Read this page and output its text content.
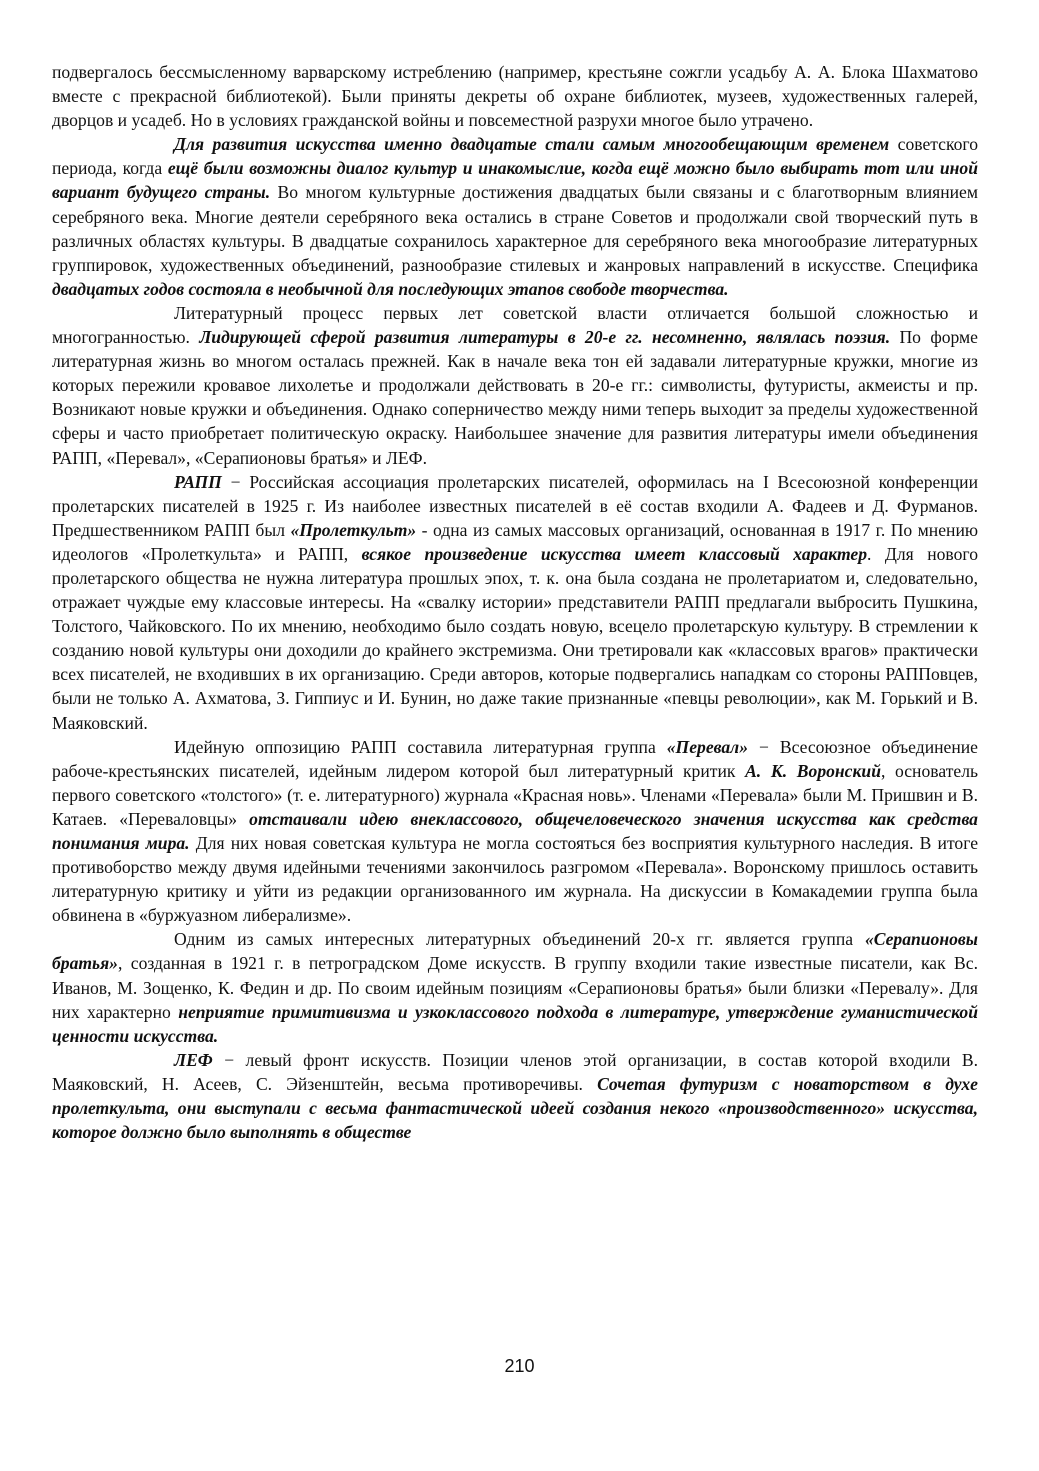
подвергалось бессмысленному варварскому истреблению (например, крестьяне сожгли усадьбу А. А. Блока Шахматово вместе с прекрасной библиотекой). Были приняты декреты об охране библиотек, музеев, художественных галерей, дворцов и усадеб. Но в условиях гражданской войны и повсеместной разрухи многое было утрачено.

Для развития искусства именно двадцатые стали самым многообещающим временем советского периода, когда ещё были возможны диалог культур и инакомыслие, когда ещё можно было выбирать тот или иной вариант будущего страны. Во многом культурные достижения двадцатых были связаны и с благотворным влиянием серебряного века. Многие деятели серебряного века остались в стране Советов и продолжали свой творческий путь в различных областях культуры. В двадцатые сохранилось характерное для серебряного века многообразие литературных группировок, художественных объединений, разнообразие стилевых и жанровых направлений в искусстве. Специфика двадцатых годов состояла в необычной для последующих этапов свободе творчества.

Литературный процесс первых лет советской власти отличается большой сложностью и многогранностью. Лидирующей сферой развития литературы в 20-е гг. несомненно, являлась поэзия. По форме литературная жизнь во многом осталась прежней. Как в начале века тон ей задавали литературные кружки, многие из которых пережили кровавое лихолетье и продолжали действовать в 20-е гг.: символисты, футуристы, акмеисты и пр. Возникают новые кружки и объединения. Однако соперничество между ними теперь выходит за пределы художественной сферы и часто приобретает политическую окраску. Наибольшее значение для развития литературы имели объединения РАПП, «Перевал», «Серапионовы братья» и ЛЕФ.

РАПП − Российская ассоциация пролетарских писателей, оформилась на I Всесоюзной конференции пролетарских писателей в 1925 г. Из наиболее известных писателей в её состав входили А. Фадеев и Д. Фурманов. Предшественником РАПП был «Пролеткульт» - одна из самых массовых организаций, основанная в 1917 г. По мнению идеологов «Пролеткульта» и РАПП, всякое произведение искусства имеет классовый характер. Для нового пролетарского общества не нужна литература прошлых эпох, т. к. она была создана не пролетариатом и, следовательно, отражает чуждые ему классовые интересы. На «свалку истории» представители РАПП предлагали выбросить Пушкина, Толстого, Чайковского. По их мнению, необходимо было создать новую, всецело пролетарскую культуру. В стремлении к созданию новой культуры они доходили до крайнего экстремизма. Они третировали как «классовых врагов» практически всех писателей, не входивших в их организацию. Среди авторов, которые подвергались нападкам со стороны РАППовцев, были не только А. Ахматова, З. Гиппиус и И. Бунин, но даже такие признанные «певцы революции», как М. Горький и В. Маяковский.

Идейную оппозицию РАПП составила литературная группа «Перевал» − Всесоюзное объединение рабоче-крестьянских писателей, идейным лидером которой был литературный критик А. К. Воронский, основатель первого советского «толстого» (т. е. литературного) журнала «Красная новь». Членами «Перевала» были М. Пришвин и В. Катаев. «Переваловцы» отстаивали идею внеклассового, общечеловеческого значения искусства как средства понимания мира. Для них новая советская культура не могла состояться без восприятия культурного наследия. В итоге противоборство между двумя идейными течениями закончилось разгромом «Перевала». Воронскому пришлось оставить литературную критику и уйти из редакции организованного им журнала. На дискуссии в Комакадемии группа была обвинена в «буржуазном либерализме».

Одним из самых интересных литературных объединений 20-х гг. является группа «Серапионовы братья», созданная в 1921 г. в петроградском Доме искусств. В группу входили такие известные писатели, как Вс. Иванов, М. Зощенко, К. Федин и др. По своим идейным позициям «Серапионовы братья» были близки «Перевалу». Для них характерно неприятие примитивизма и узкоклассового подхода в литературе, утверждение гуманистической ценности искусства.

ЛЕФ − левый фронт искусств. Позиции членов этой организации, в состав которой входили В. Маяковский, Н. Асеев, С. Эйзенштейн, весьма противоречивы. Сочетая футуризм с новаторством в духе пролеткульта, они выступали с весьма фантастической идеей создания некого «производственного» искусства, которое должно было выполнять в обществе

210
